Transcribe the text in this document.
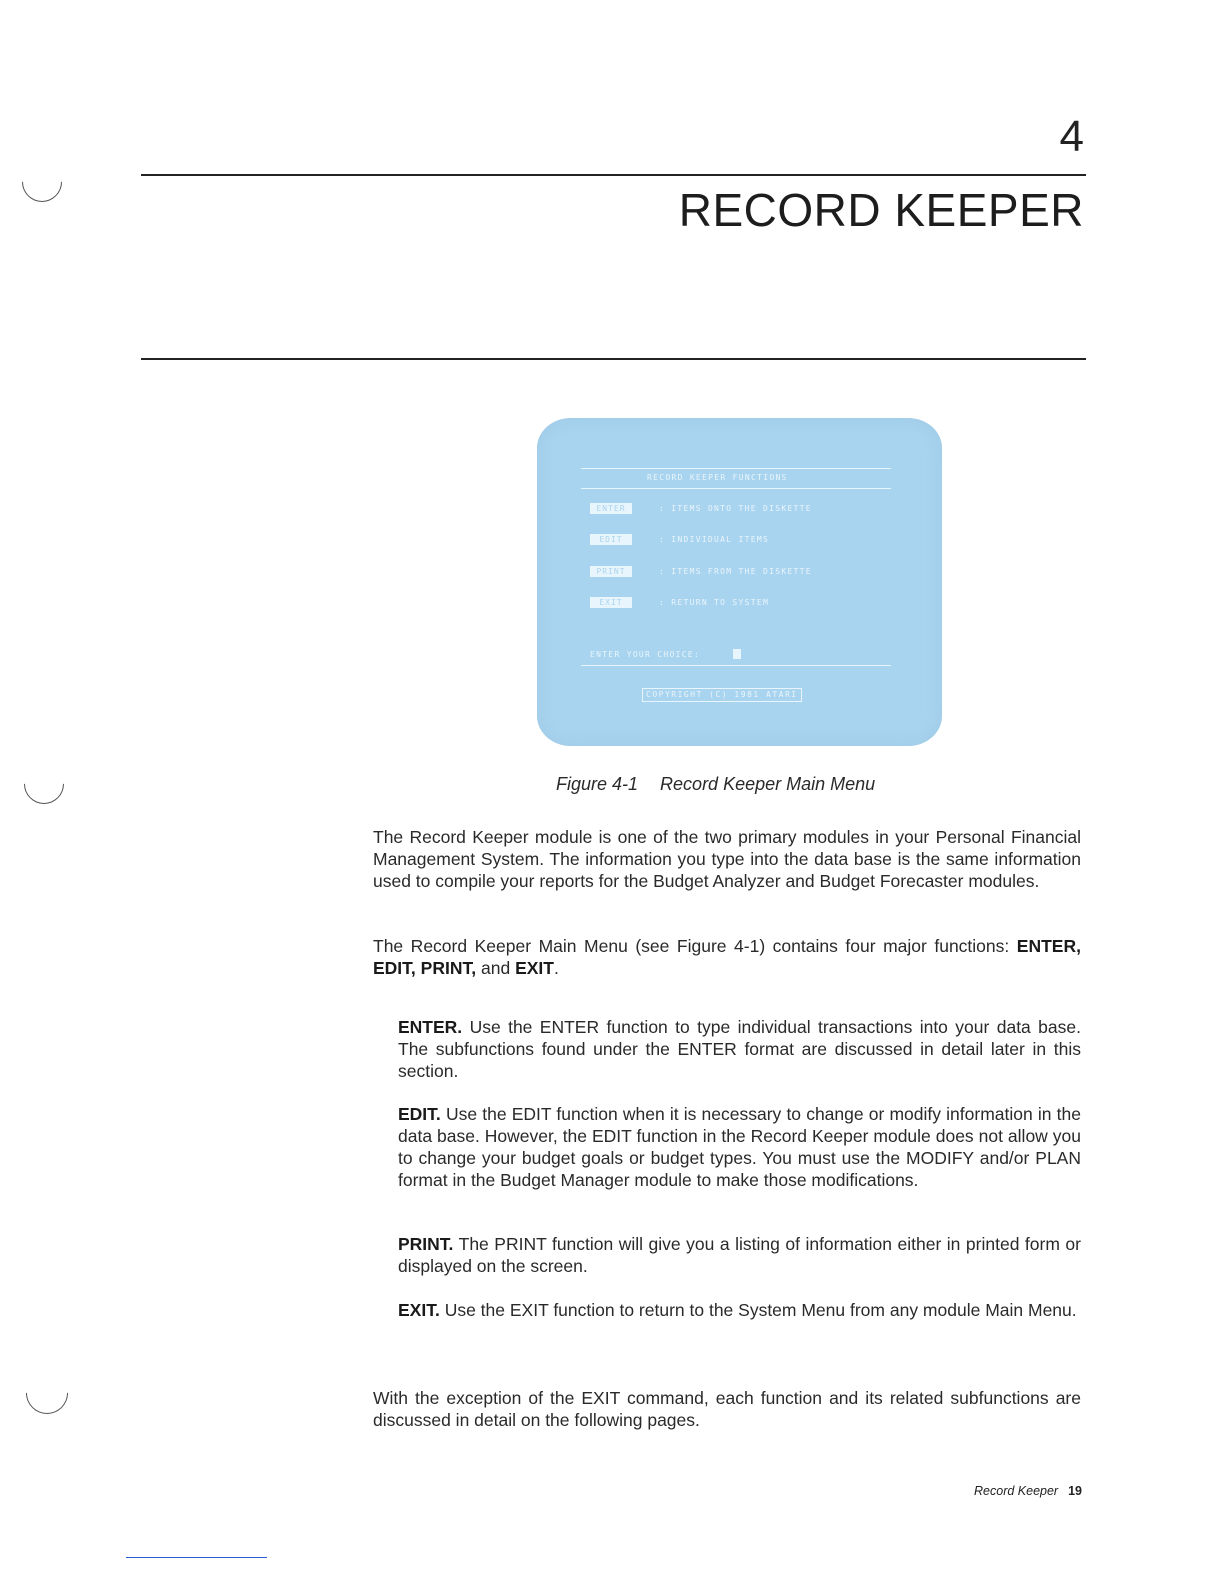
4
RECORD KEEPER
RECORD KEEPER FUNCTIONS
ENTER	: ITEMS ONTO THE DISKETTE
EDIT	: INDIVIDUAL ITEMS
PRINT	: ITEMS FROM THE DISKETTE
EXIT	: RETURN TO SYSTEM
ENTER YOUR CHOICE:
COPYRIGHT (C) 1981 ATARI
Figure 4-1 Record Keeper Main Menu

The Record Keeper module is one of the two primary modules in your Personal Financial Management System. The information you type into the data base is the same information used to compile your reports for the Budget Analyzer and Budget Forecaster modules.

The Record Keeper Main Menu (see Figure 4-1) contains four major functions: ENTER, EDIT, PRINT, and EXIT.

ENTER. Use the ENTER function to type individual transactions into your data base. The subfunctions found under the ENTER format are discussed in detail later in this section.

EDIT. Use the EDIT function when it is necessary to change or modify information in the data base. However, the EDIT function in the Record Keeper module does not allow you to change your budget goals or budget types. You must use the MODIFY and/or PLAN format in the Budget Manager module to make those modifications.

PRINT. The PRINT function will give you a listing of information either in printed form or displayed on the screen.

EXIT. Use the EXIT function to return to the System Menu from any module Main Menu.

With the exception of the EXIT command, each function and its related subfunctions are discussed in detail on the following pages.

Record Keeper 19
